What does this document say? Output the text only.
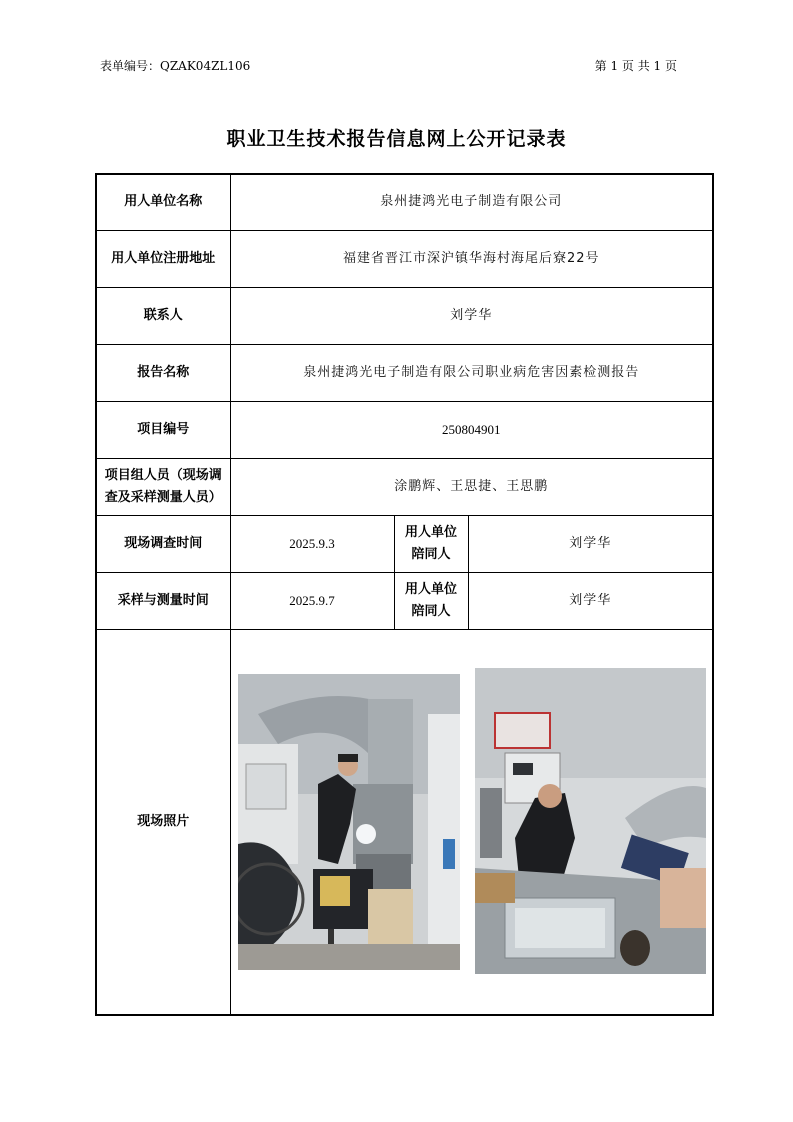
表单编号：QZAK04ZL106	第 1 页 共 1 页
职业卫生技术报告信息网上公开记录表
用人单位名称	泉州捷鸿光电子制造有限公司		
用人单位注册地址	福建省晋江市深沪镇华海村海尾后寮22号		
联系人	刘学华		
报告名称	泉州捷鸿光电子制造有限公司职业病危害因素检测报告		
项目编号	250804901		
项目组人员（现场调查及采样测量人员）	涂鹏辉、王思捷、王思鹏		
现场调查时间	2025.9.3	用人单位陪同人	刘学华
采样与测量时间	2025.9.7	用人单位陪同人	刘学华
现场照片	
